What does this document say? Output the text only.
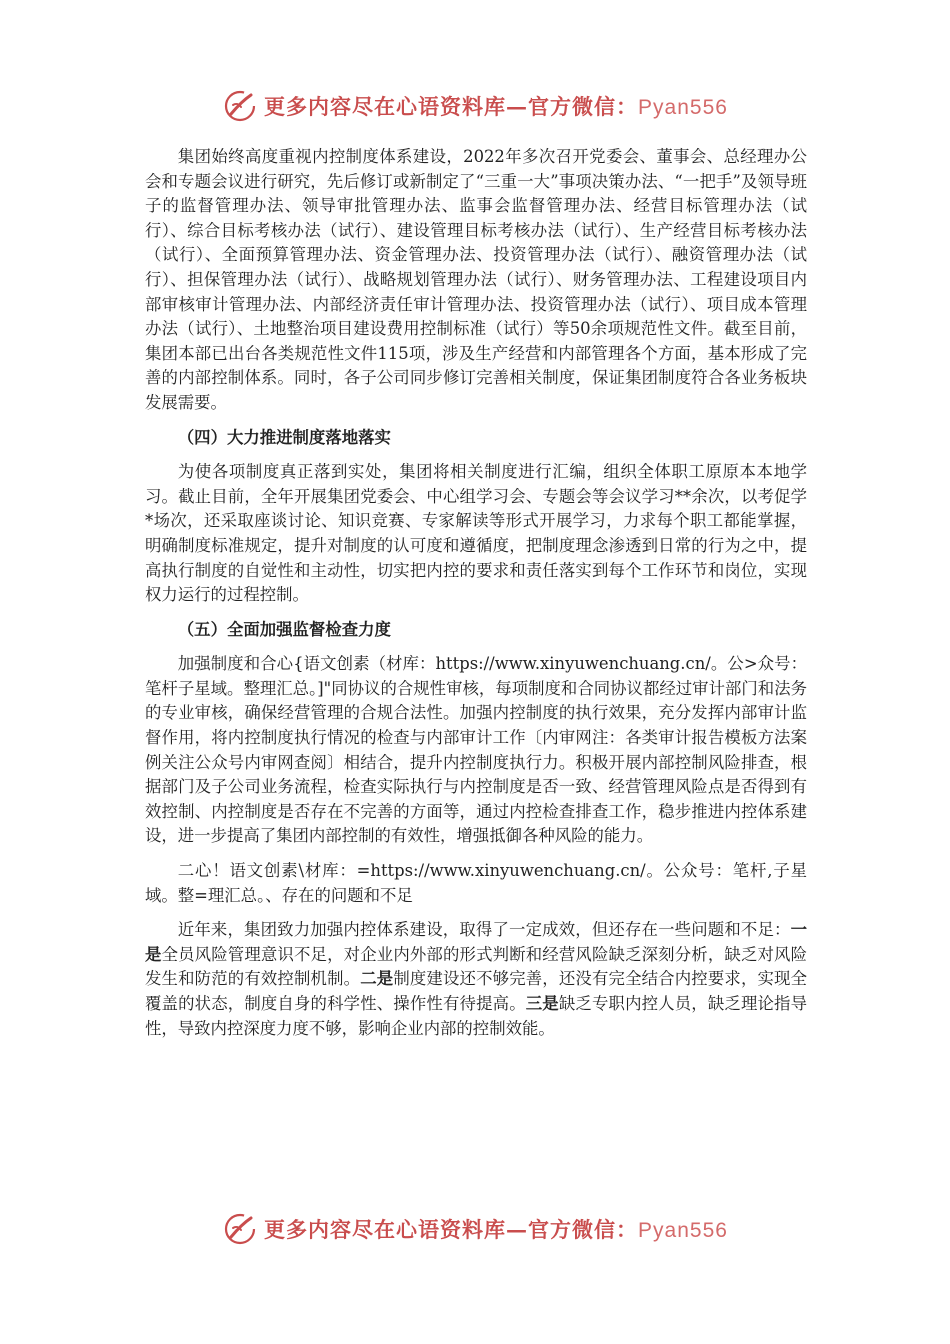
更多内容尽在心语资料库—官方微信：Pyan556

集团始终高度重视内控制度体系建设，2022年多次召开党委会、董事会、总经理办公会和专题会议进行研究，先后修订或新制定了“三重一大”事项决策办法、“一把手”及领导班子的监督管理办法、领导审批管理办法、监事会监督管理办法、经营目标管理办法（试行）、综合目标考核办法（试行）、建设管理目标考核办法（试行）、生产经营目标考核办法（试行）、全面预算管理办法、资金管理办法、投资管理办法（试行）、融资管理办法（试行）、担保管理办法（试行）、战略规划管理办法（试行）、财务管理办法、工程建设项目内部审核审计管理办法、内部经济责任审计管理办法、投资管理办法（试行）、项目成本管理办法（试行）、土地整治项目建设费用控制标准（试行）等50余项规范性文件。截至目前，集团本部已出台各类规范性文件115项，涉及生产经营和内部管理各个方面，基本形成了完善的内部控制体系。同时，各子公司同步修订完善相关制度，保证集团制度符合各业务板块发展需要。

（四）大力推进制度落地落实

为使各项制度真正落到实处，集团将相关制度进行汇编，组织全体职工原原本本地学习。截止目前，全年开展集团党委会、中心组学习会、专题会等会议学习**余次，以考促学*场次，还采取座谈讨论、知识竞赛、专家解读等形式开展学习，力求每个职工都能掌握，明确制度标准规定，提升对制度的认可度和遵循度，把制度理念渗透到日常的行为之中，提高执行制度的自觉性和主动性，切实把内控的要求和责任落实到每个工作环节和岗位，实现权力运行的过程控制。

（五）全面加强监督检查力度

加强制度和合心{语文创素（材库：https://www.xinyuwenchuang.cn/。公>众号：笔杆子星域。整理汇总。]"同协议的合规性审核，每项制度和合同协议都经过审计部门和法务的专业审核，确保经营管理的合规合法性。加强内控制度的执行效果，充分发挥内部审计监督作用，将内控制度执行情况的检查与内部审计工作〔内审网注：各类审计报告模板方法案例关注公众号内审网查阅〕相结合，提升内控制度执行力。积极开展内部控制风险排查，根据部门及子公司业务流程，检查实际执行与内控制度是否一致、经营管理风险点是否得到有效控制、内控制度是否存在不完善的方面等，通过内控检查排查工作，稳步推进内控体系建设，进一步提高了集团内部控制的有效性，增强抵御各种风险的能力。

二心！语文创素\材库：=https://www.xinyuwenchuang.cn/。公众号：笔杆,子星域。整=理汇总。、存在的问题和不足

近年来，集团致力加强内控体系建设，取得了一定成效，但还存在一些问题和不足：一是全员风险管理意识不足，对企业内外部的形式判断和经营风险缺乏深刻分析，缺乏对风险发生和防范的有效控制机制。二是制度建设还不够完善，还没有完全结合内控要求，实现全覆盖的状态，制度自身的科学性、操作性有待提高。三是缺乏专职内控人员，缺乏理论指导性，导致内控深度力度不够，影响企业内部的控制效能。

更多内容尽在心语资料库—官方微信：Pyan556
